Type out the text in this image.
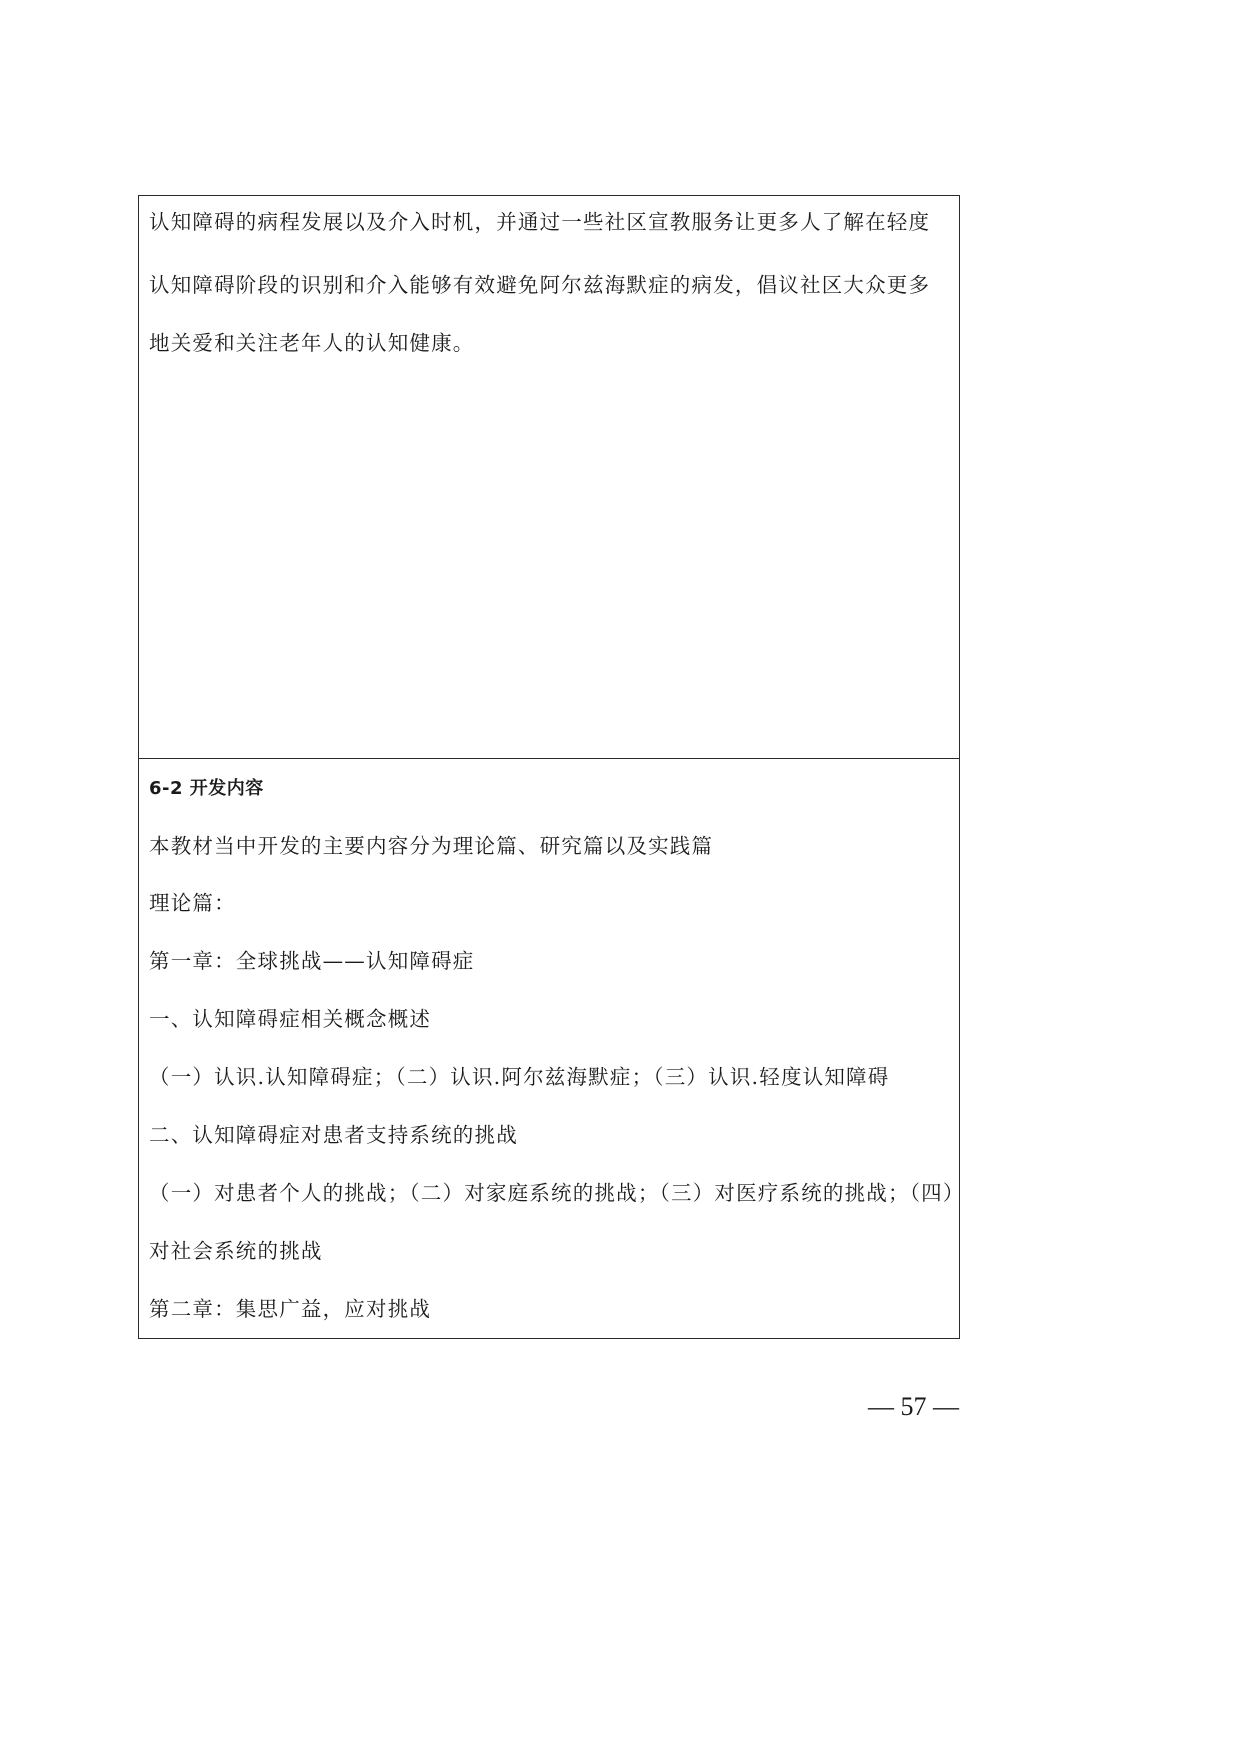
认知障碍的病程发展以及介入时机，并通过一些社区宣教服务让更多人了解在轻度
认知障碍阶段的识别和介入能够有效避免阿尔兹海默症的病发，倡议社区大众更多
地关爱和关注老年人的认知健康。
6-2 开发内容
本教材当中开发的主要内容分为理论篇、研究篇以及实践篇
理论篇：
第一章：全球挑战——认知障碍症
一、认知障碍症相关概念概述
（一）认识.认知障碍症；（二）认识.阿尔兹海默症；（三）认识.轻度认知障碍
二、认知障碍症对患者支持系统的挑战
（一）对患者个人的挑战；（二）对家庭系统的挑战；（三）对医疗系统的挑战；（四）
对社会系统的挑战
第二章：集思广益，应对挑战
— 57 —
